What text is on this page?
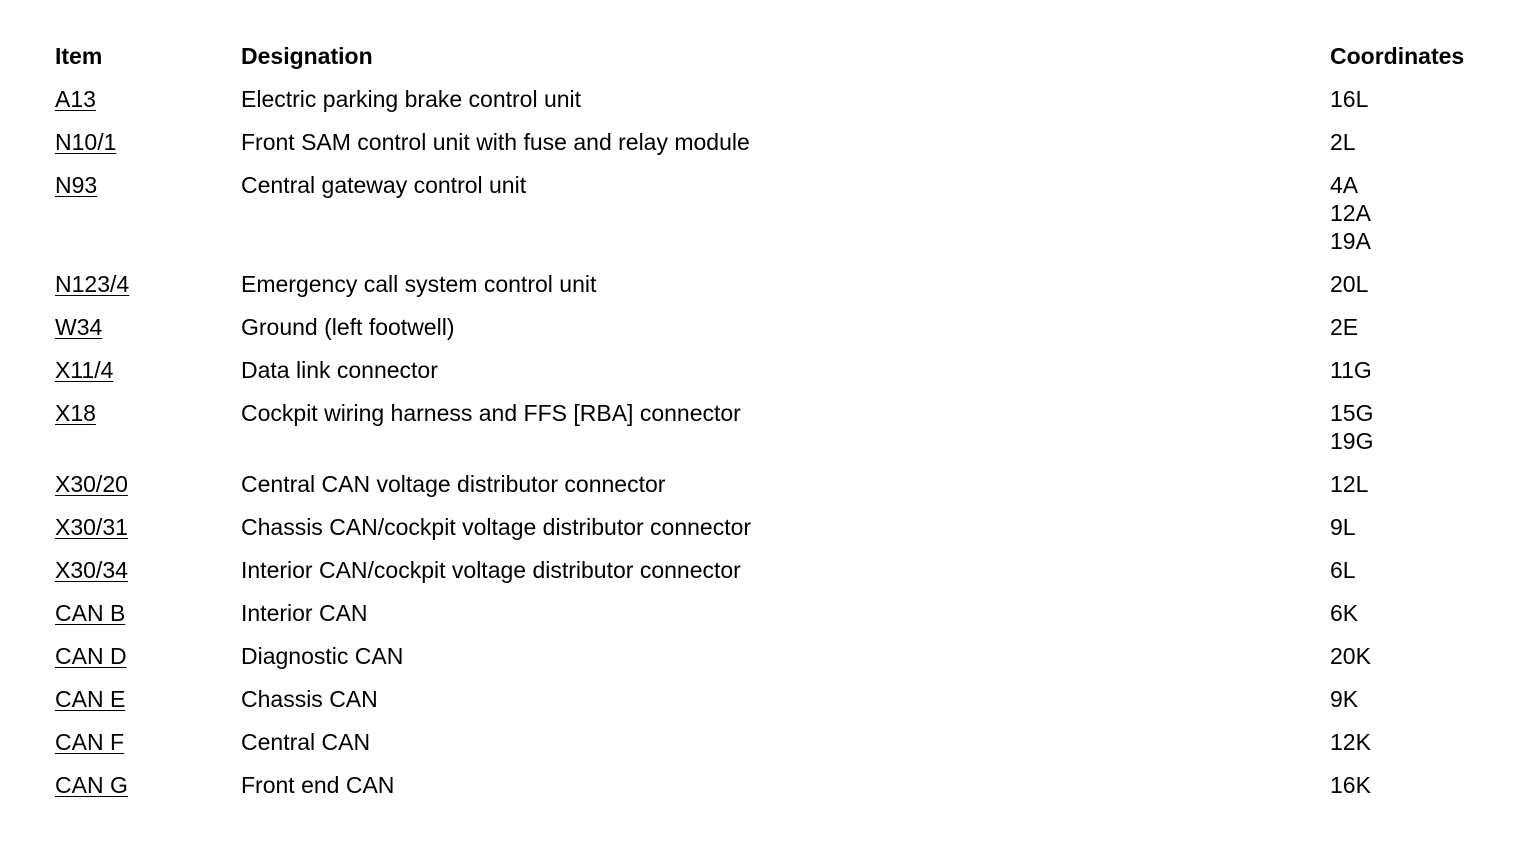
Item	Designation	Coordinates
A13	Electric parking brake control unit	16L
N10/1	Front SAM control unit with fuse and relay module	2L
N93	Central gateway control unit	4A
12A
19A
N123/4	Emergency call system control unit	20L
W34	Ground (left footwell)	2E
X11/4	Data link connector	11G
X18	Cockpit wiring harness and FFS [RBA] connector	15G
19G
X30/20	Central CAN voltage distributor connector	12L
X30/31	Chassis CAN/cockpit voltage distributor connector	9L
X30/34	Interior CAN/cockpit voltage distributor connector	6L
CAN B	Interior CAN	6K
CAN D	Diagnostic CAN	20K
CAN E	Chassis CAN	9K
CAN F	Central CAN	12K
CAN G	Front end CAN	16K
